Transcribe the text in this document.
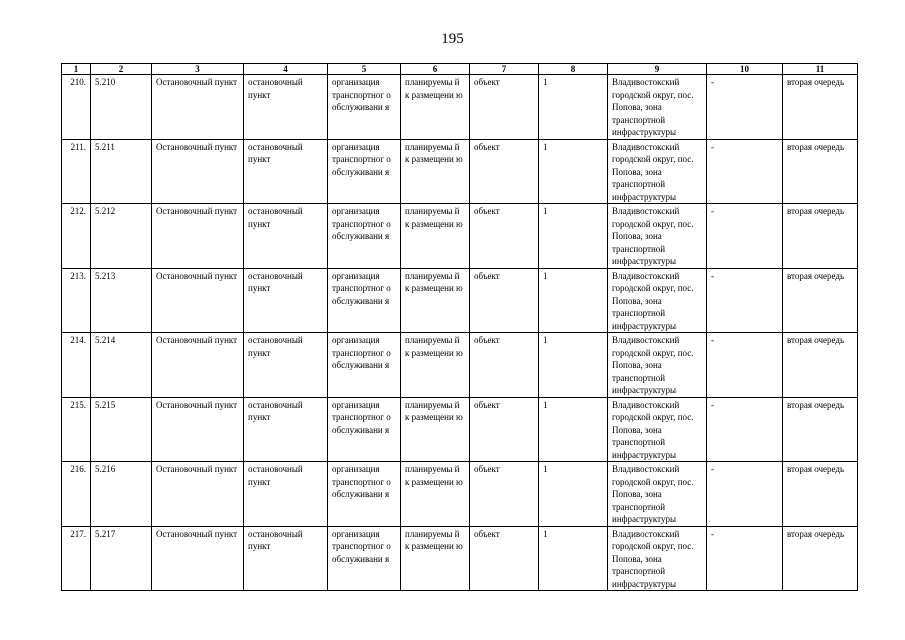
195
1	2	3	4	5	6	7	8	9	10	11
210.	5.210	Остановочный пункт	остановочный пункт	организация транспортног о обслуживани я	планируемы й к размещени ю	объект	1	Владивостокский городской округ, пос. Попова, зона транспортной инфраструктуры	-	вторая очередь
211.	5.211	Остановочный пункт	остановочный пункт	организация транспортног о обслуживани я	планируемы й к размещени ю	объект	1	Владивостокский городской округ, пос. Попова, зона транспортной инфраструктуры	-	вторая очередь
212.	5.212	Остановочный пункт	остановочный пункт	организация транспортног о обслуживани я	планируемы й к размещени ю	объект	1	Владивостокский городской округ, пос. Попова, зона транспортной инфраструктуры	-	вторая очередь
213.	5.213	Остановочный пункт	остановочный пункт	организация транспортног о обслуживани я	планируемы й к размещени ю	объект	1	Владивостокский городской округ, пос. Попова, зона транспортной инфраструктуры	-	вторая очередь
214.	5.214	Остановочный пункт	остановочный пункт	организация транспортног о обслуживани я	планируемы й к размещени ю	объект	1	Владивостокский городской округ, пос. Попова, зона транспортной инфраструктуры	-	вторая очередь
215.	5.215	Остановочный пункт	остановочный пункт	организация транспортног о обслуживани я	планируемы й к размещени ю	объект	1	Владивостокский городской округ, пос. Попова, зона транспортной инфраструктуры	-	вторая очередь
216.	5.216	Остановочный пункт	остановочный пункт	организация транспортног о обслуживани я	планируемы й к размещени ю	объект	1	Владивостокский городской округ, пос. Попова, зона транспортной инфраструктуры	-	вторая очередь
217.	5.217	Остановочный пункт	остановочный пункт	организация транспортног о обслуживани я	планируемы й к размещени ю	объект	1	Владивостокский городской округ, пос. Попова, зона транспортной инфраструктуры	-	вторая очередь
